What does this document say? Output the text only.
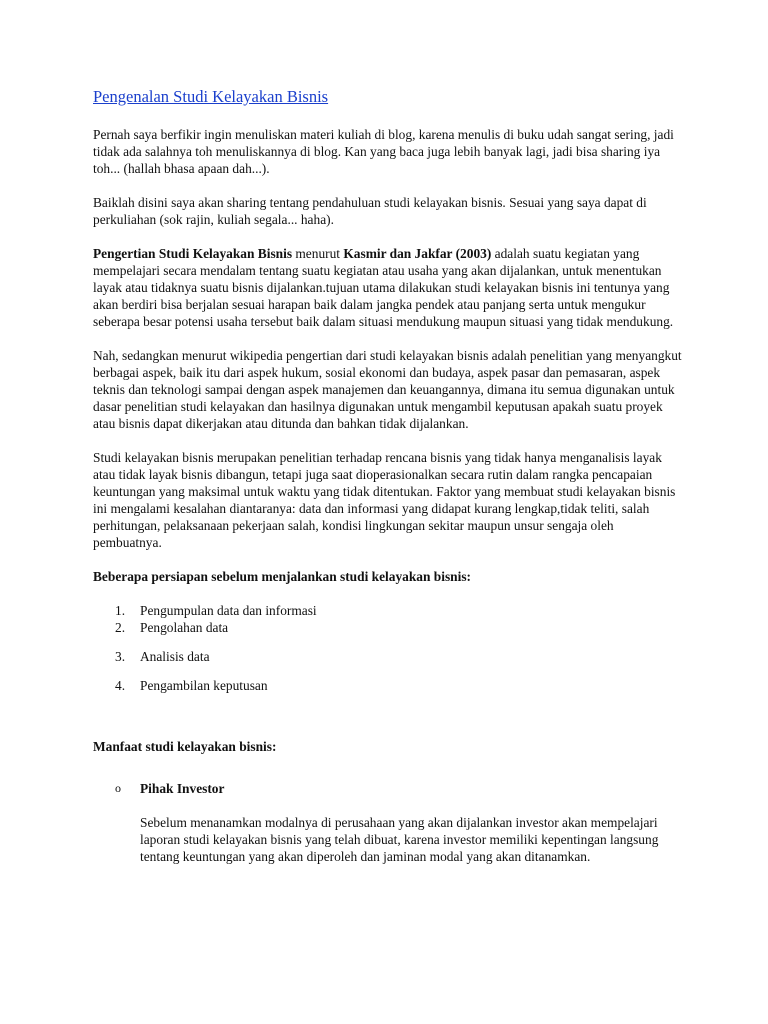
Pengenalan Studi Kelayakan Bisnis

Pernah saya berfikir ingin menuliskan materi kuliah di blog, karena menulis di buku udah sangat sering, jadi tidak ada salahnya toh menuliskannya di blog. Kan yang baca juga lebih banyak lagi, jadi bisa sharing iya toh... (hallah bhasa apaan dah...).

Baiklah disini saya akan sharing tentang pendahuluan studi kelayakan bisnis. Sesuai yang saya dapat di perkuliahan (sok rajin, kuliah segala... haha).

Pengertian Studi Kelayakan Bisnis menurut Kasmir dan Jakfar (2003) adalah suatu kegiatan yang mempelajari secara mendalam tentang suatu kegiatan atau usaha yang akan dijalankan, untuk menentukan layak atau tidaknya suatu bisnis dijalankan.tujuan utama dilakukan studi kelayakan bisnis ini tentunya yang akan berdiri bisa berjalan sesuai harapan baik dalam jangka pendek atau panjang serta untuk mengukur seberapa besar potensi usaha tersebut baik dalam situasi mendukung maupun situasi yang tidak mendukung.

Nah, sedangkan menurut wikipedia pengertian dari studi kelayakan bisnis adalah penelitian yang menyangkut berbagai aspek, baik itu dari aspek hukum, sosial ekonomi dan budaya, aspek pasar dan pemasaran, aspek teknis dan teknologi sampai dengan aspek manajemen dan keuangannya, dimana itu semua digunakan untuk dasar penelitian studi kelayakan dan hasilnya digunakan untuk mengambil keputusan apakah suatu proyek atau bisnis dapat dikerjakan atau ditunda dan bahkan tidak dijalankan.

Studi kelayakan bisnis merupakan penelitian terhadap rencana bisnis yang tidak hanya menganalisis layak atau tidak layak bisnis dibangun, tetapi juga saat dioperasionalkan secara rutin dalam rangka pencapaian keuntungan yang maksimal untuk waktu yang tidak ditentukan. Faktor yang membuat studi kelayakan bisnis ini mengalami kesalahan diantaranya: data dan informasi yang didapat kurang lengkap,tidak teliti, salah perhitungan, pelaksanaan pekerjaan salah, kondisi lingkungan sekitar maupun unsur sengaja oleh pembuatnya.

Beberapa persiapan sebelum menjalankan studi kelayakan bisnis:
1. Pengumpulan data dan informasi
2. Pengolahan data
3. Analisis data
4. Pengambilan keputusan
Manfaat studi kelayakan bisnis:
o Pihak Investor
Sebelum menanamkan modalnya di perusahaan yang akan dijalankan investor akan mempelajari laporan studi kelayakan bisnis yang telah dibuat, karena investor memiliki kepentingan langsung tentang keuntungan yang akan diperoleh dan jaminan modal yang akan ditanamkan.
